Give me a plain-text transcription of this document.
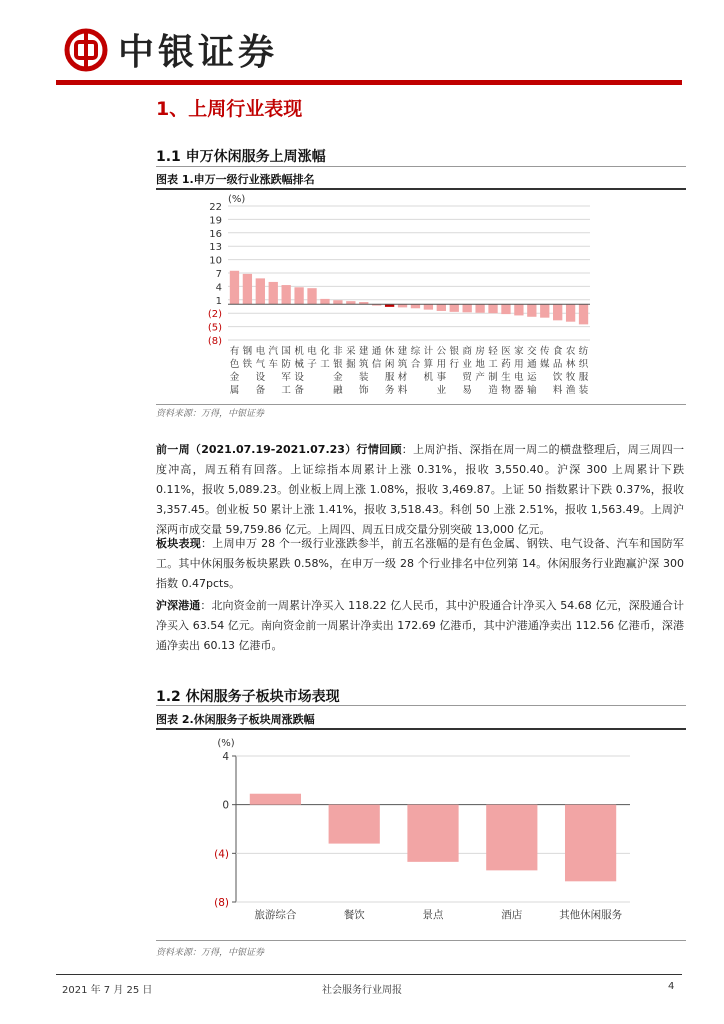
中银证券
1、上周行业表现
1.1 申万休闲服务上周涨幅
图表 1.申万一级行业涨跌幅排名
(%)
22
19
16
13
10
7
4
1
(2)
(5)
(8)
有色金属
钢铁
电气设备
汽车
国防军工
机械设备
电子
化工
非银金融
采掘
建筑装饰
通信
休闲服务
建筑材料
综合
计算机
公用事业
银行
商业贸易
房地产
轻工制造
医药生物
家用电器
交通运输
传媒
食品饮料
农林牧渔
纺织服装
资料来源：万得，中银证券
前一周（2021.07.19-2021.07.23）行情回顾：上周沪指、深指在周一周二的横盘整理后，周三周四一度冲高，周五稍有回落。上证综指本周累计上涨 0.31%，报收 3,550.40。沪深 300 上周累计下跌 0.11%，报收 5,089.23。创业板上周上涨 1.08%，报收 3,469.87。上证 50 指数累计下跌 0.37%，报收 3,357.45。创业板 50 累计上涨 1.41%，报收 3,518.43。科创 50 上涨 2.51%，报收 1,563.49。上周沪深两市成交量 59,759.86 亿元。上周四、周五日成交量分别突破 13,000 亿元。
板块表现：上周申万 28 个一级行业涨跌参半，前五名涨幅的是有色金属、钢铁、电气设备、汽车和国防军工。其中休闲服务板块累跌 0.58%，在申万一级 28 个行业排名中位列第 14。休闲服务行业跑赢沪深 300 指数 0.47pcts。
沪深港通：北向资金前一周累计净买入 118.22 亿人民币，其中沪股通合计净买入 54.68 亿元，深股通合计净买入 63.54 亿元。南向资金前一周累计净卖出 172.69 亿港币，其中沪港通净卖出 112.56 亿港币，深港通净卖出 60.13 亿港币。
1.2 休闲服务子板块市场表现
图表 2.休闲服务子板块周涨跌幅
(%)
4
0
(4)
(8)
旅游综合	餐饮	景点	酒店	其他休闲服务
资料来源：万得，中银证券
2021 年 7 月 25 日	社会服务行业周报	4
